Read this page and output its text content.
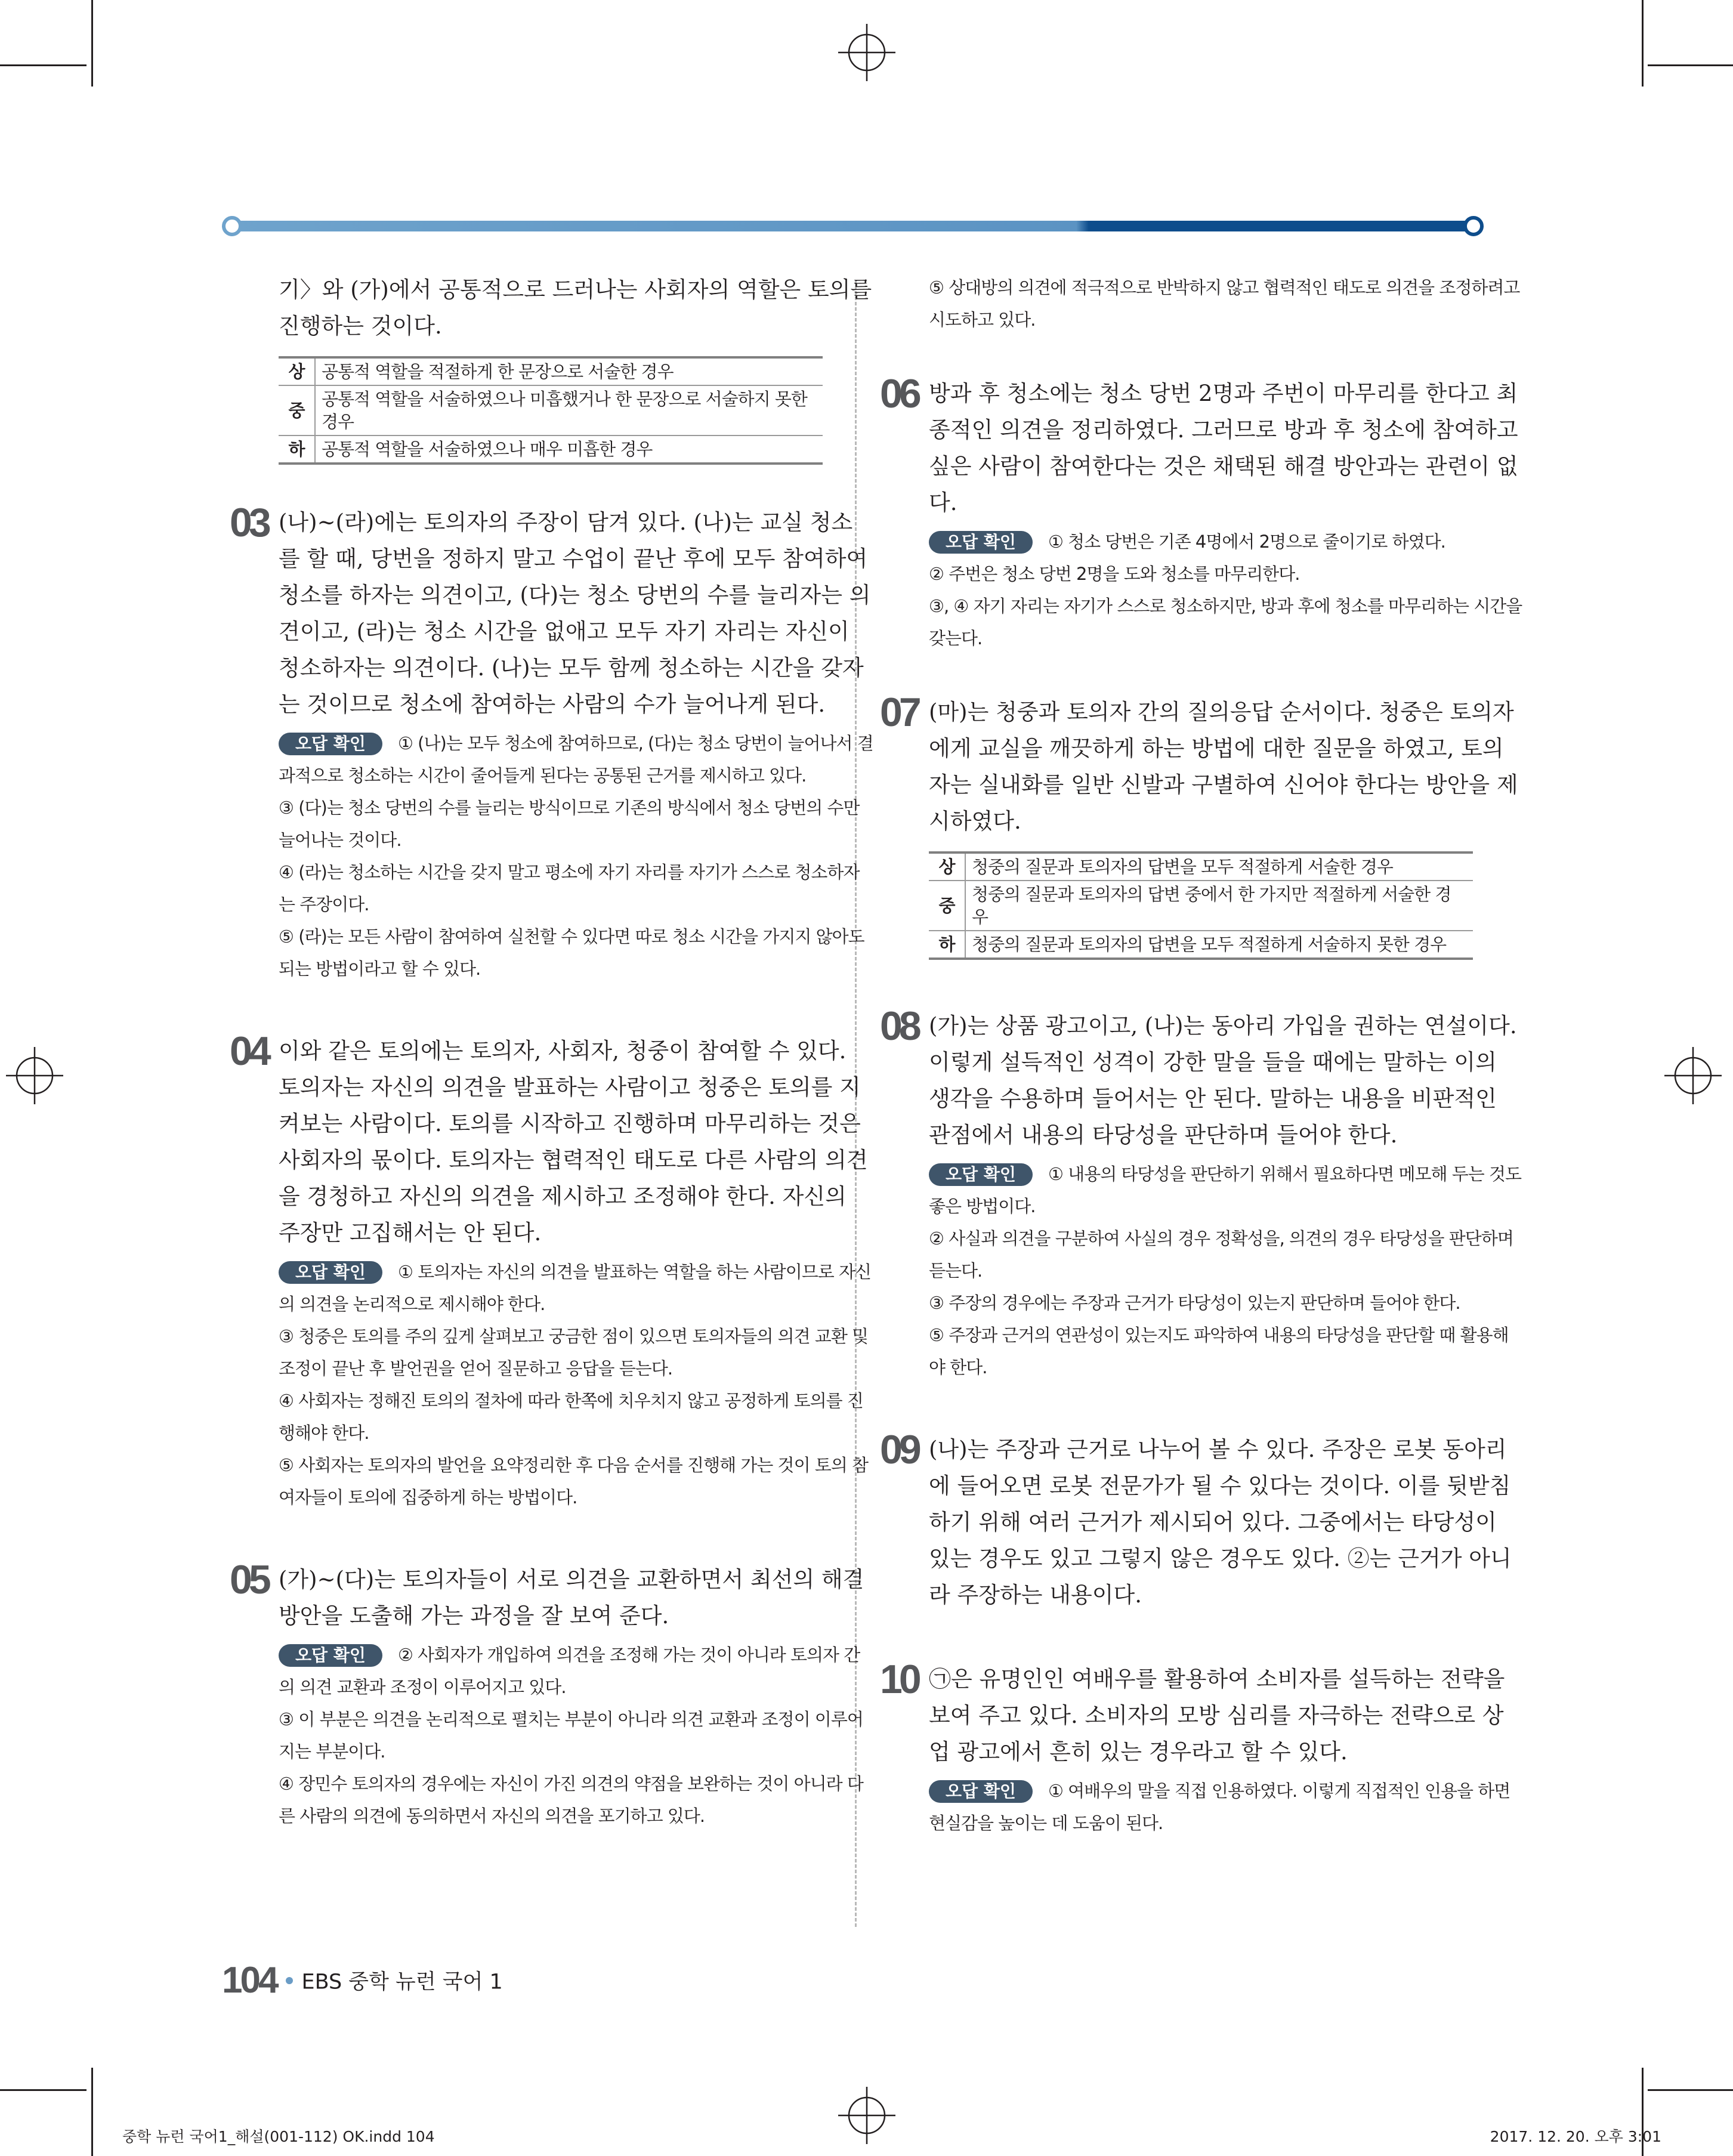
기〉와 (가)에서 공통적으로 드러나는 사회자의 역할은 토의를 진행하는 것이다.

상	공통적 역할을 적절하게 한 문장으로 서술한 경우
중	공통적 역할을 서술하였으나 미흡했거나 한 문장으로 서술하지 못한 경우
하	공통적 역할을 서술하였으나 매우 미흡한 경우
03 (나)~(라)에는 토의자의 주장이 담겨 있다. (나)는 교실 청소를 할 때, 당번을 정하지 말고 수업이 끝난 후에 모두 참여하여 청소를 하자는 의견이고, (다)는 청소 당번의 수를 늘리자는 의견이고, (라)는 청소 시간을 없애고 모두 자기 자리는 자신이 청소하자는 의견이다. (나)는 모두 함께 청소하는 시간을 갖자는 것이므로 청소에 참여하는 사람의 수가 늘어나게 된다.

오답 확인 ① (나)는 모두 청소에 참여하므로, (다)는 청소 당번이 늘어나서 결과적으로 청소하는 시간이 줄어들게 된다는 공통된 근거를 제시하고 있다.

③ (다)는 청소 당번의 수를 늘리는 방식이므로 기존의 방식에서 청소 당번의 수만 늘어나는 것이다.

④ (라)는 청소하는 시간을 갖지 말고 평소에 자기 자리를 자기가 스스로 청소하자는 주장이다.

⑤ (라)는 모든 사람이 참여하여 실천할 수 있다면 따로 청소 시간을 가지지 않아도 되는 방법이라고 할 수 있다.

04 이와 같은 토의에는 토의자, 사회자, 청중이 참여할 수 있다. 토의자는 자신의 의견을 발표하는 사람이고 청중은 토의를 지켜보는 사람이다. 토의를 시작하고 진행하며 마무리하는 것은 사회자의 몫이다. 토의자는 협력적인 태도로 다른 사람의 의견을 경청하고 자신의 의견을 제시하고 조정해야 한다. 자신의 주장만 고집해서는 안 된다.

오답 확인 ① 토의자는 자신의 의견을 발표하는 역할을 하는 사람이므로 자신의 의견을 논리적으로 제시해야 한다.

③ 청중은 토의를 주의 깊게 살펴보고 궁금한 점이 있으면 토의자들의 의견 교환 및 조정이 끝난 후 발언권을 얻어 질문하고 응답을 듣는다.

④ 사회자는 정해진 토의의 절차에 따라 한쪽에 치우치지 않고 공정하게 토의를 진행해야 한다.

⑤ 사회자는 토의자의 발언을 요약정리한 후 다음 순서를 진행해 가는 것이 토의 참여자들이 토의에 집중하게 하는 방법이다.

05 (가)~(다)는 토의자들이 서로 의견을 교환하면서 최선의 해결 방안을 도출해 가는 과정을 잘 보여 준다.

오답 확인 ② 사회자가 개입하여 의견을 조정해 가는 것이 아니라 토의자 간의 의견 교환과 조정이 이루어지고 있다.

③ 이 부분은 의견을 논리적으로 펼치는 부분이 아니라 의견 교환과 조정이 이루어지는 부분이다.

④ 장민수 토의자의 경우에는 자신이 가진 의견의 약점을 보완하는 것이 아니라 다른 사람의 의견에 동의하면서 자신의 의견을 포기하고 있다.

⑤ 상대방의 의견에 적극적으로 반박하지 않고 협력적인 태도로 의견을 조정하려고 시도하고 있다.

06 방과 후 청소에는 청소 당번 2명과 주번이 마무리를 한다고 최종적인 의견을 정리하였다. 그러므로 방과 후 청소에 참여하고 싶은 사람이 참여한다는 것은 채택된 해결 방안과는 관련이 없다.

오답 확인 ① 청소 당번은 기존 4명에서 2명으로 줄이기로 하였다.

② 주번은 청소 당번 2명을 도와 청소를 마무리한다.

③, ④ 자기 자리는 자기가 스스로 청소하지만, 방과 후에 청소를 마무리하는 시간을 갖는다.

07 (마)는 청중과 토의자 간의 질의응답 순서이다. 청중은 토의자에게 교실을 깨끗하게 하는 방법에 대한 질문을 하였고, 토의자는 실내화를 일반 신발과 구별하여 신어야 한다는 방안을 제시하였다.

상	청중의 질문과 토의자의 답변을 모두 적절하게 서술한 경우
중	청중의 질문과 토의자의 답변 중에서 한 가지만 적절하게 서술한 경우
하	청중의 질문과 토의자의 답변을 모두 적절하게 서술하지 못한 경우
08 (가)는 상품 광고이고, (나)는 동아리 가입을 권하는 연설이다. 이렇게 설득적인 성격이 강한 말을 들을 때에는 말하는 이의 생각을 수용하며 들어서는 안 된다. 말하는 내용을 비판적인 관점에서 내용의 타당성을 판단하며 들어야 한다.

오답 확인 ① 내용의 타당성을 판단하기 위해서 필요하다면 메모해 두는 것도 좋은 방법이다.

② 사실과 의견을 구분하여 사실의 경우 정확성을, 의견의 경우 타당성을 판단하며 듣는다.

③ 주장의 경우에는 주장과 근거가 타당성이 있는지 판단하며 들어야 한다.

⑤ 주장과 근거의 연관성이 있는지도 파악하여 내용의 타당성을 판단할 때 활용해야 한다.

09 (나)는 주장과 근거로 나누어 볼 수 있다. 주장은 로봇 동아리에 들어오면 로봇 전문가가 될 수 있다는 것이다. 이를 뒷받침하기 위해 여러 근거가 제시되어 있다. 그중에서는 타당성이 있는 경우도 있고 그렇지 않은 경우도 있다. ②는 근거가 아니라 주장하는 내용이다.

10 ㉠은 유명인인 여배우를 활용하여 소비자를 설득하는 전략을 보여 주고 있다. 소비자의 모방 심리를 자극하는 전략으로 상업 광고에서 흔히 있는 경우라고 할 수 있다.

오답 확인 ① 여배우의 말을 직접 인용하였다. 이렇게 직접적인 인용을 하면 현실감을 높이는 데 도움이 된다.

104 EBS 중학 뉴런 국어 1
중학 뉴런 국어1_해설(001-112) OK.indd 104	2017. 12. 20. 오후 3:01
